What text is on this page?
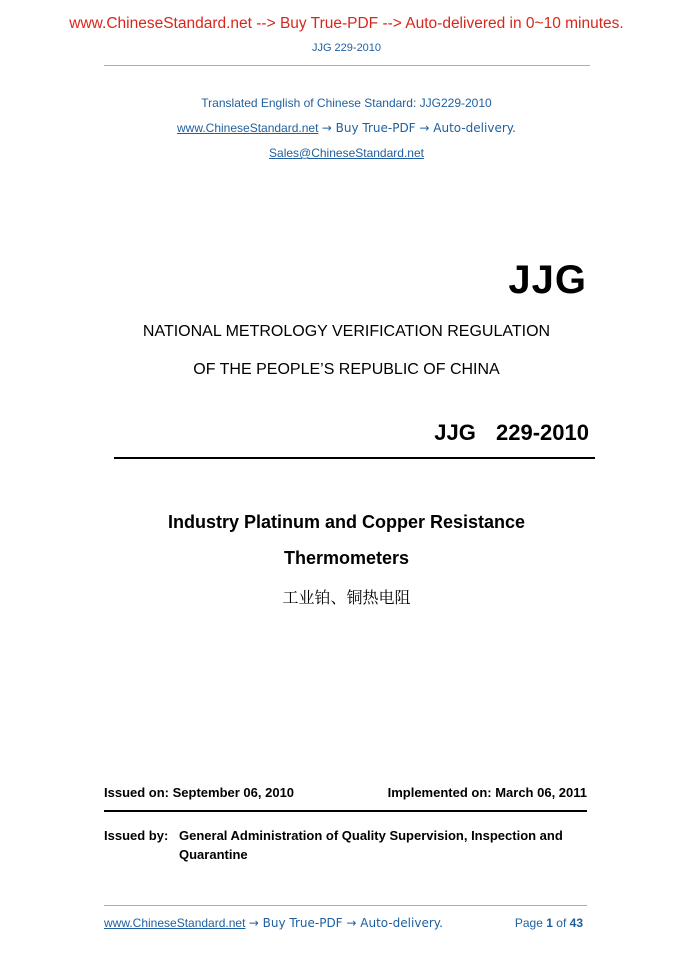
www.ChineseStandard.net --> Buy True-PDF --> Auto-delivered in 0~10 minutes.
JJG 229-2010
Translated English of Chinese Standard: JJG229-2010
www.ChineseStandard.net → Buy True-PDF → Auto-delivery.
Sales@ChineseStandard.net
JJG
NATIONAL METROLOGY VERIFICATION REGULATION
OF THE PEOPLE’S REPUBLIC OF CHINA
JJG  229-2010
Industry Platinum and Copper Resistance
Thermometers
工业铂、铜热电阻
Issued on: September 06, 2010	Implemented on: March 06, 2011
Issued by: General Administration of Quality Supervision, Inspection and Quarantine
www.ChineseStandard.net → Buy True-PDF → Auto-delivery.	Page 1 of 43
